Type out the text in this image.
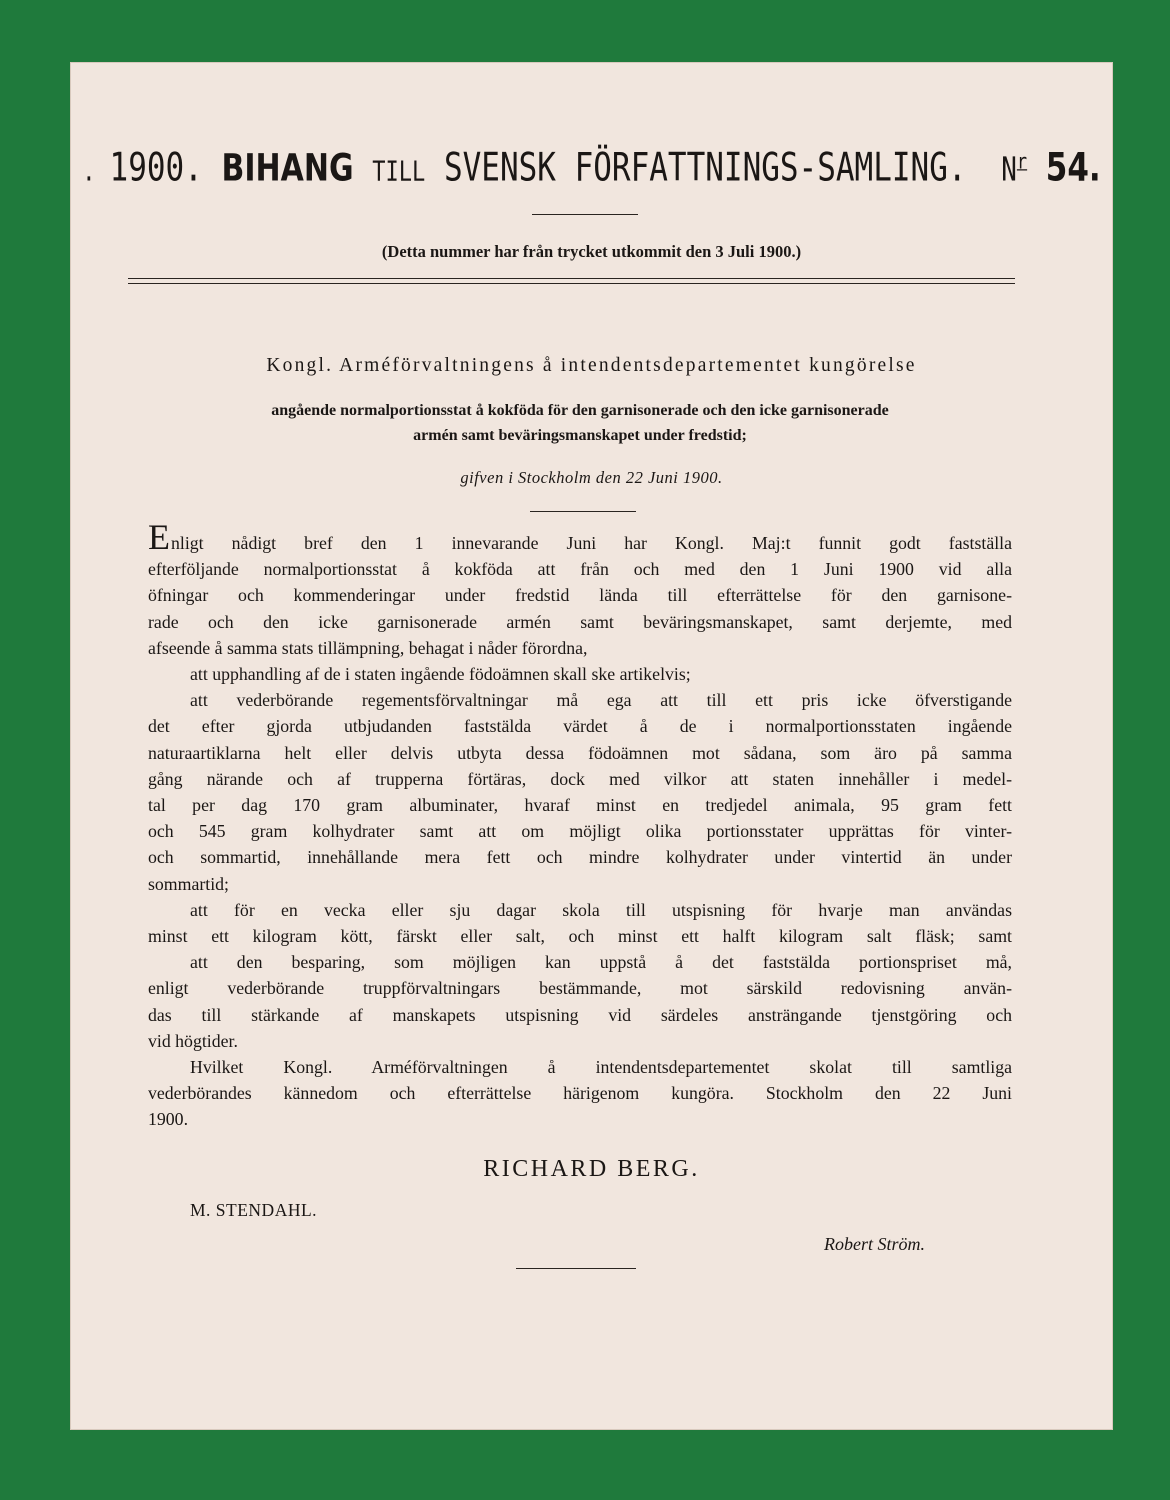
. 1900. BIHANG TILL SVENSK FÖRFATTNINGS-SAMLING. $N^r$ 54.
(Detta nummer har från trycket utkommit den 3 Juli 1900.)
Kongl. Arméförvaltningens å intendentsdepartementet kungörelse
angående normalportionsstat å kokföda för den garnisonerade och den icke garnisonerade
armén samt beväringsmanskapet under fredstid;
gifven i Stockholm den 22 Juni 1900.

Enligt nådigt bref den 1 innevarande Juni har Kongl. Maj:t funnit godt fastställa

efterföljande normalportionsstat å kokföda att från och med den 1 Juni 1900 vid alla

öfningar och kommenderingar under fredstid lända till efterrättelse för den garnisone-

rade och den icke garnisonerade armén samt beväringsmanskapet, samt derjemte, med

afseende å samma stats tillämpning, behagat i nåder förordna,

att upphandling af de i staten ingående födoämnen skall ske artikelvis;

att vederbörande regementsförvaltningar må ega att till ett pris icke öfverstigande

det efter gjorda utbjudanden faststälda värdet å de i normalportionsstaten ingående

naturaartiklarna helt eller delvis utbyta dessa födoämnen mot sådana, som äro på samma

gång närande och af trupperna förtäras, dock med vilkor att staten innehåller i medel-

tal per dag 170 gram albuminater, hvaraf minst en tredjedel animala, 95 gram fett

och 545 gram kolhydrater samt att om möjligt olika portionsstater upprättas för vinter-

och sommartid, innehållande mera fett och mindre kolhydrater under vintertid än under

sommartid;

att för en vecka eller sju dagar skola till utspisning för hvarje man användas

minst ett kilogram kött, färskt eller salt, och minst ett halft kilogram salt fläsk; samt

att den besparing, som möjligen kan uppstå å det faststälda portionspriset må,

enligt vederbörande truppförvaltningars bestämmande, mot särskild redovisning använ-

das till stärkande af manskapets utspisning vid särdeles ansträngande tjenstgöring och

vid högtider.

Hvilket Kongl. Arméförvaltningen å intendentsdepartementet skolat till samtliga

vederbörandes kännedom och efterrättelse härigenom kungöra. Stockholm den 22 Juni

1900.

RICHARD BERG.
M. STENDAHL.
Robert Ström.
